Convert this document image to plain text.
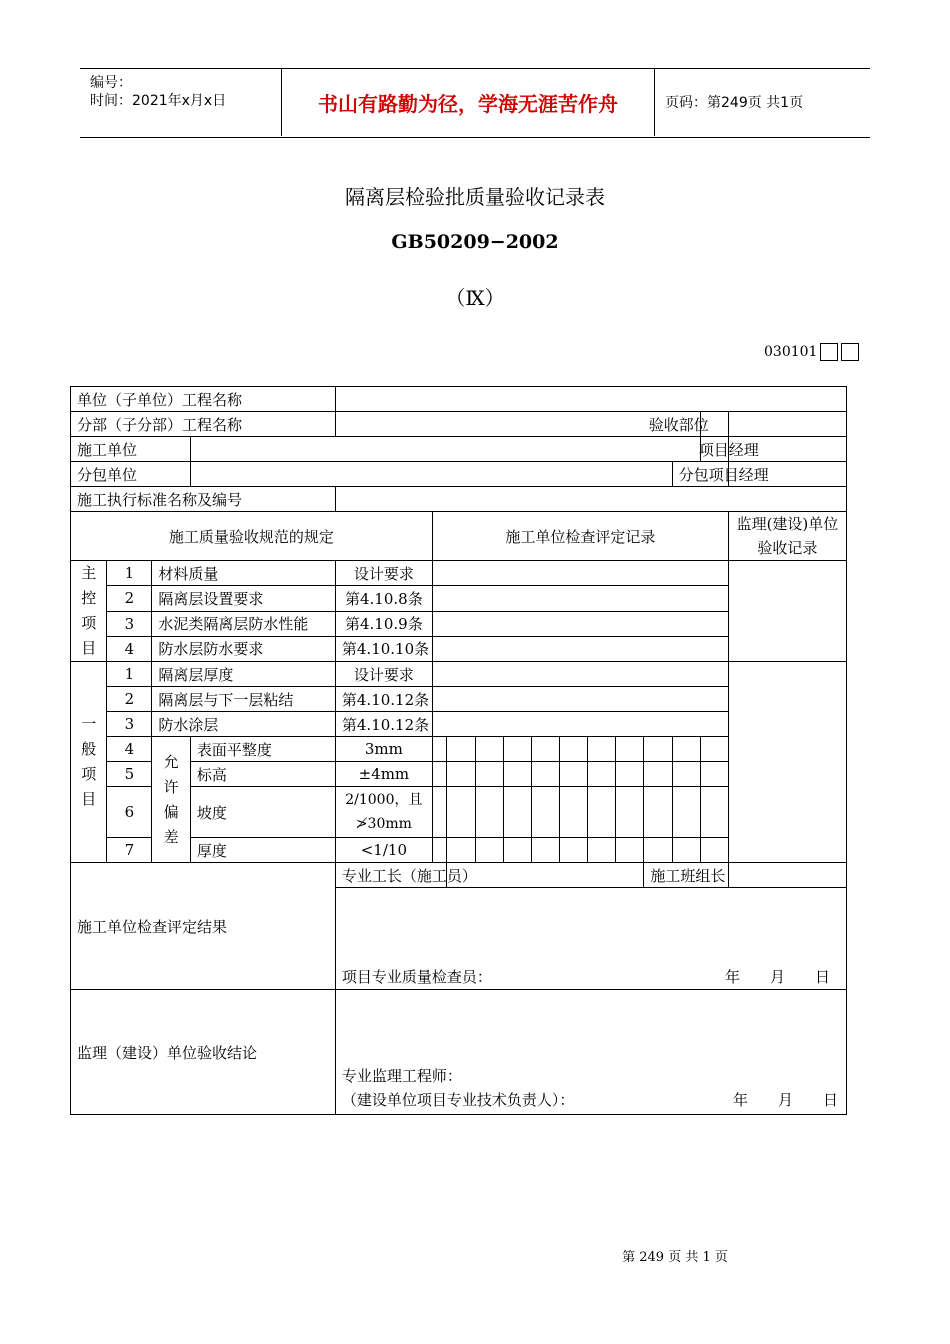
编号：
时间：2021年x月x日	书山有路勤为径，学海无涯苦作舟	页码：第249页 共1页
隔离层检验批质量验收记录表
GB50209−2002
（Ⅸ）
030101
单位（子单位）工程名称																
分部（子分部）工程名称															验收部位	
施工单位															项目经理	
分包单位														分包项目经理		
施工执行标准名称及编号																
施工质量验收规范的规定					施工单位检查评定记录											监理(建设)单位验收记录
主控项目	1	材料质量		设计要求												
	2	隔离层设置要求		第4.10.8条												
	3	水泥类隔离层防水性能		第4.10.9条												
	4	防水层防水要求		第4.10.10条												
一般项目	1	隔离层厚度		设计要求												
	2	隔离层与下一层粘结		第4.10.12条												
	3	防水涂层		第4.10.12条												
	4	允许偏差	表面平整度	3mm												
	5		标高	±4mm												
	6		坡度	2/1000，且≯30mm												

	7		厚度	<1/10												
施工单位检查评定结果				专业工长（施工员）									施工班组长			

				项目专业质量检查员： 年　　月　　日												

监理（建设）单位验收结论				专业监理工程师：
（建设单位项目专业技术负责人）： 年　　月　　日												
第 249 页 共 1 页
